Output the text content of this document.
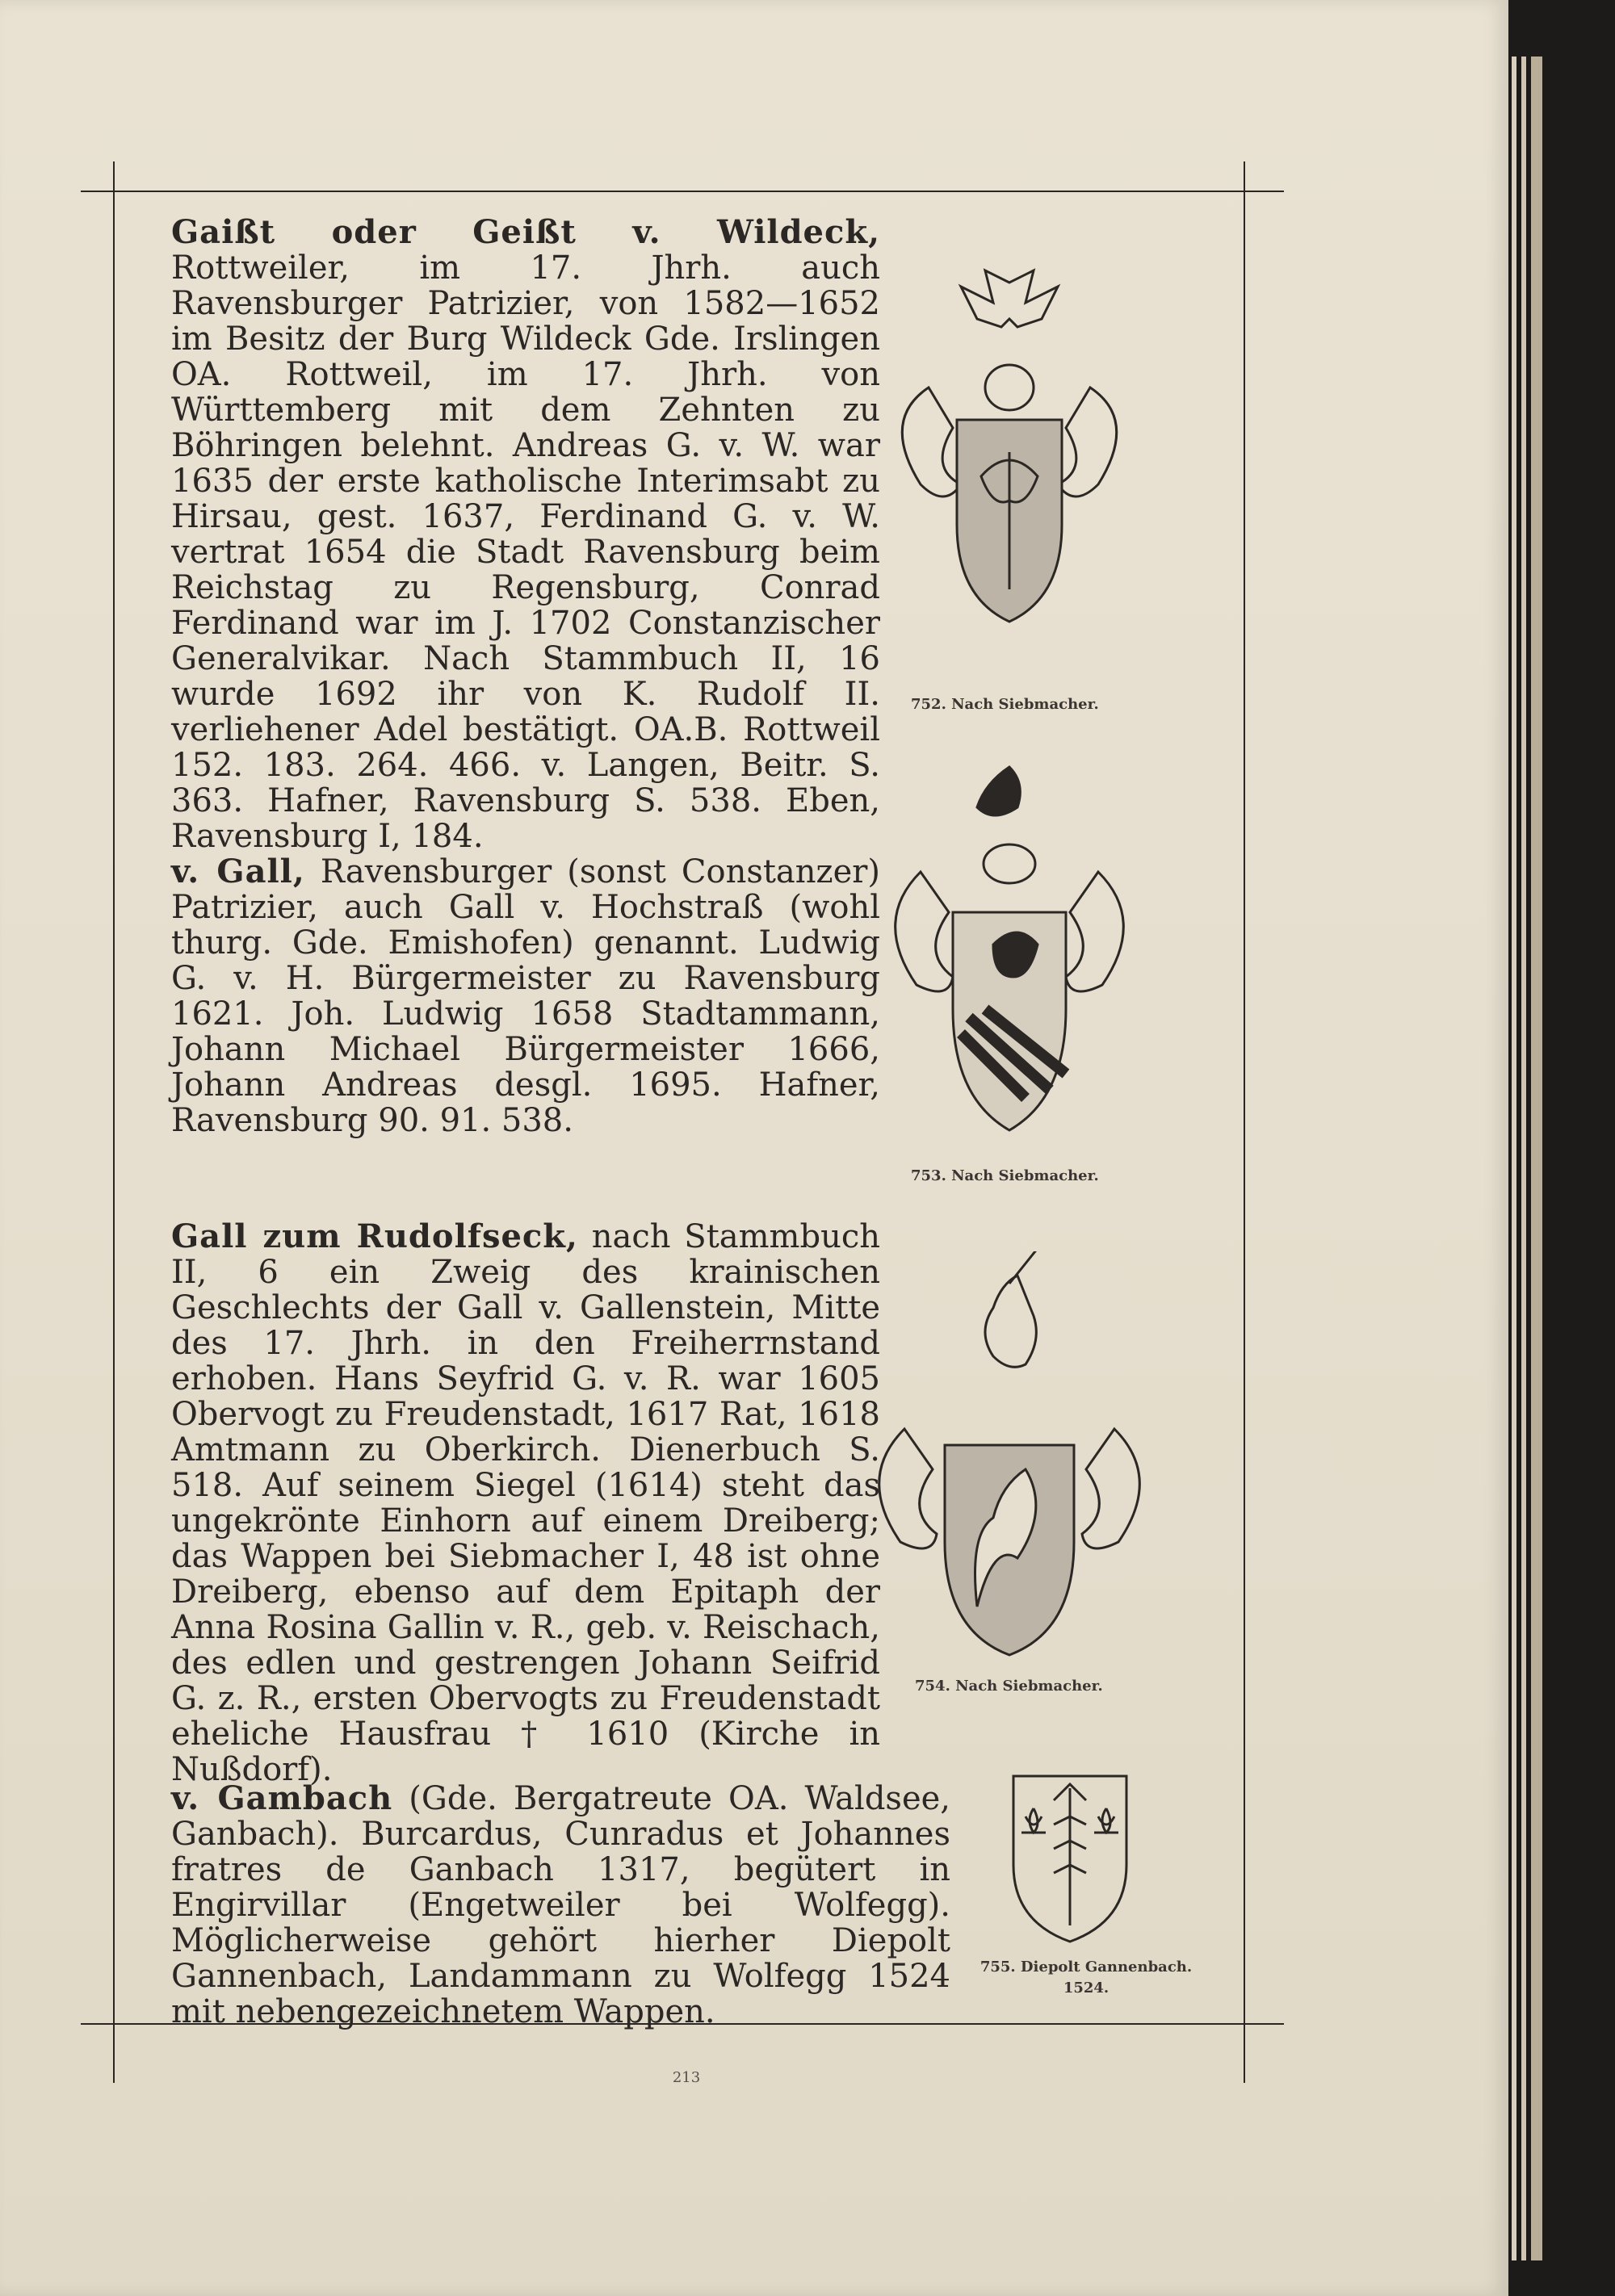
Gaißt oder Geißt v. Wildeck, Rottweiler, im 17. Jhrh. auch Ravensburger Patrizier, von 1582—1652 im Besitz der Burg Wildeck Gde. Irslingen OA. Rottweil, im 17. Jhrh. von Württemberg mit dem Zehnten zu Böhringen belehnt. Andreas G. v. W. war 1635 der erste katholische Interimsabt zu Hirsau, gest. 1637, Ferdinand G. v. W. vertrat 1654 die Stadt Ravensburg beim Reichstag zu Regensburg, Conrad Ferdinand war im J. 1702 Constanzischer Generalvikar. Nach Stammbuch II, 16 wurde 1692 ihr von K. Rudolf II. verliehener Adel bestätigt. OA.B. Rottweil 152. 183. 264. 466. v. Langen, Beitr. S. 363. Hafner, Ravensburg S. 538. Eben, Ravensburg I, 184.

v. Gall, Ravensburger (sonst Constanzer) Patrizier, auch Gall v. Hochstraß (wohl thurg. Gde. Emishofen) genannt. Ludwig G. v. H. Bürgermeister zu Ravensburg 1621. Joh. Ludwig 1658 Stadtammann, Johann Michael Bürgermeister 1666, Johann Andreas desgl. 1695. Hafner, Ravensburg 90. 91. 538.

Gall zum Rudolfseck, nach Stammbuch II, 6 ein Zweig des krainischen Geschlechts der Gall v. Gallenstein, Mitte des 17. Jhrh. in den Freiherrnstand erhoben. Hans Seyfrid G. v. R. war 1605 Obervogt zu Freudenstadt, 1617 Rat, 1618 Amtmann zu Oberkirch. Dienerbuch S. 518. Auf seinem Siegel (1614) steht das ungekrönte Einhorn auf einem Dreiberg; das Wappen bei Siebmacher I, 48 ist ohne Dreiberg, ebenso auf dem Epitaph der Anna Rosina Gallin v. R., geb. v. Reischach, des edlen und gestrengen Johann Seifrid G. z. R., ersten Obervogts zu Freudenstadt eheliche Hausfrau † 1610 (Kirche in Nußdorf).

v. Gambach (Gde. Bergatreute OA. Waldsee, Ganbach). Burcardus, Cunradus et Johannes fratres de Ganbach 1317, begütert in Engirvillar (Engetweiler bei Wolfegg). Möglicherweise gehört hierher Diepolt Gannenbach, Landammann zu Wolfegg 1524 mit nebengezeichnetem Wappen.

752. Nach Siebmacher.
753. Nach Siebmacher.
754. Nach Siebmacher.
755. Diepolt Gannenbach. 1524.
213
